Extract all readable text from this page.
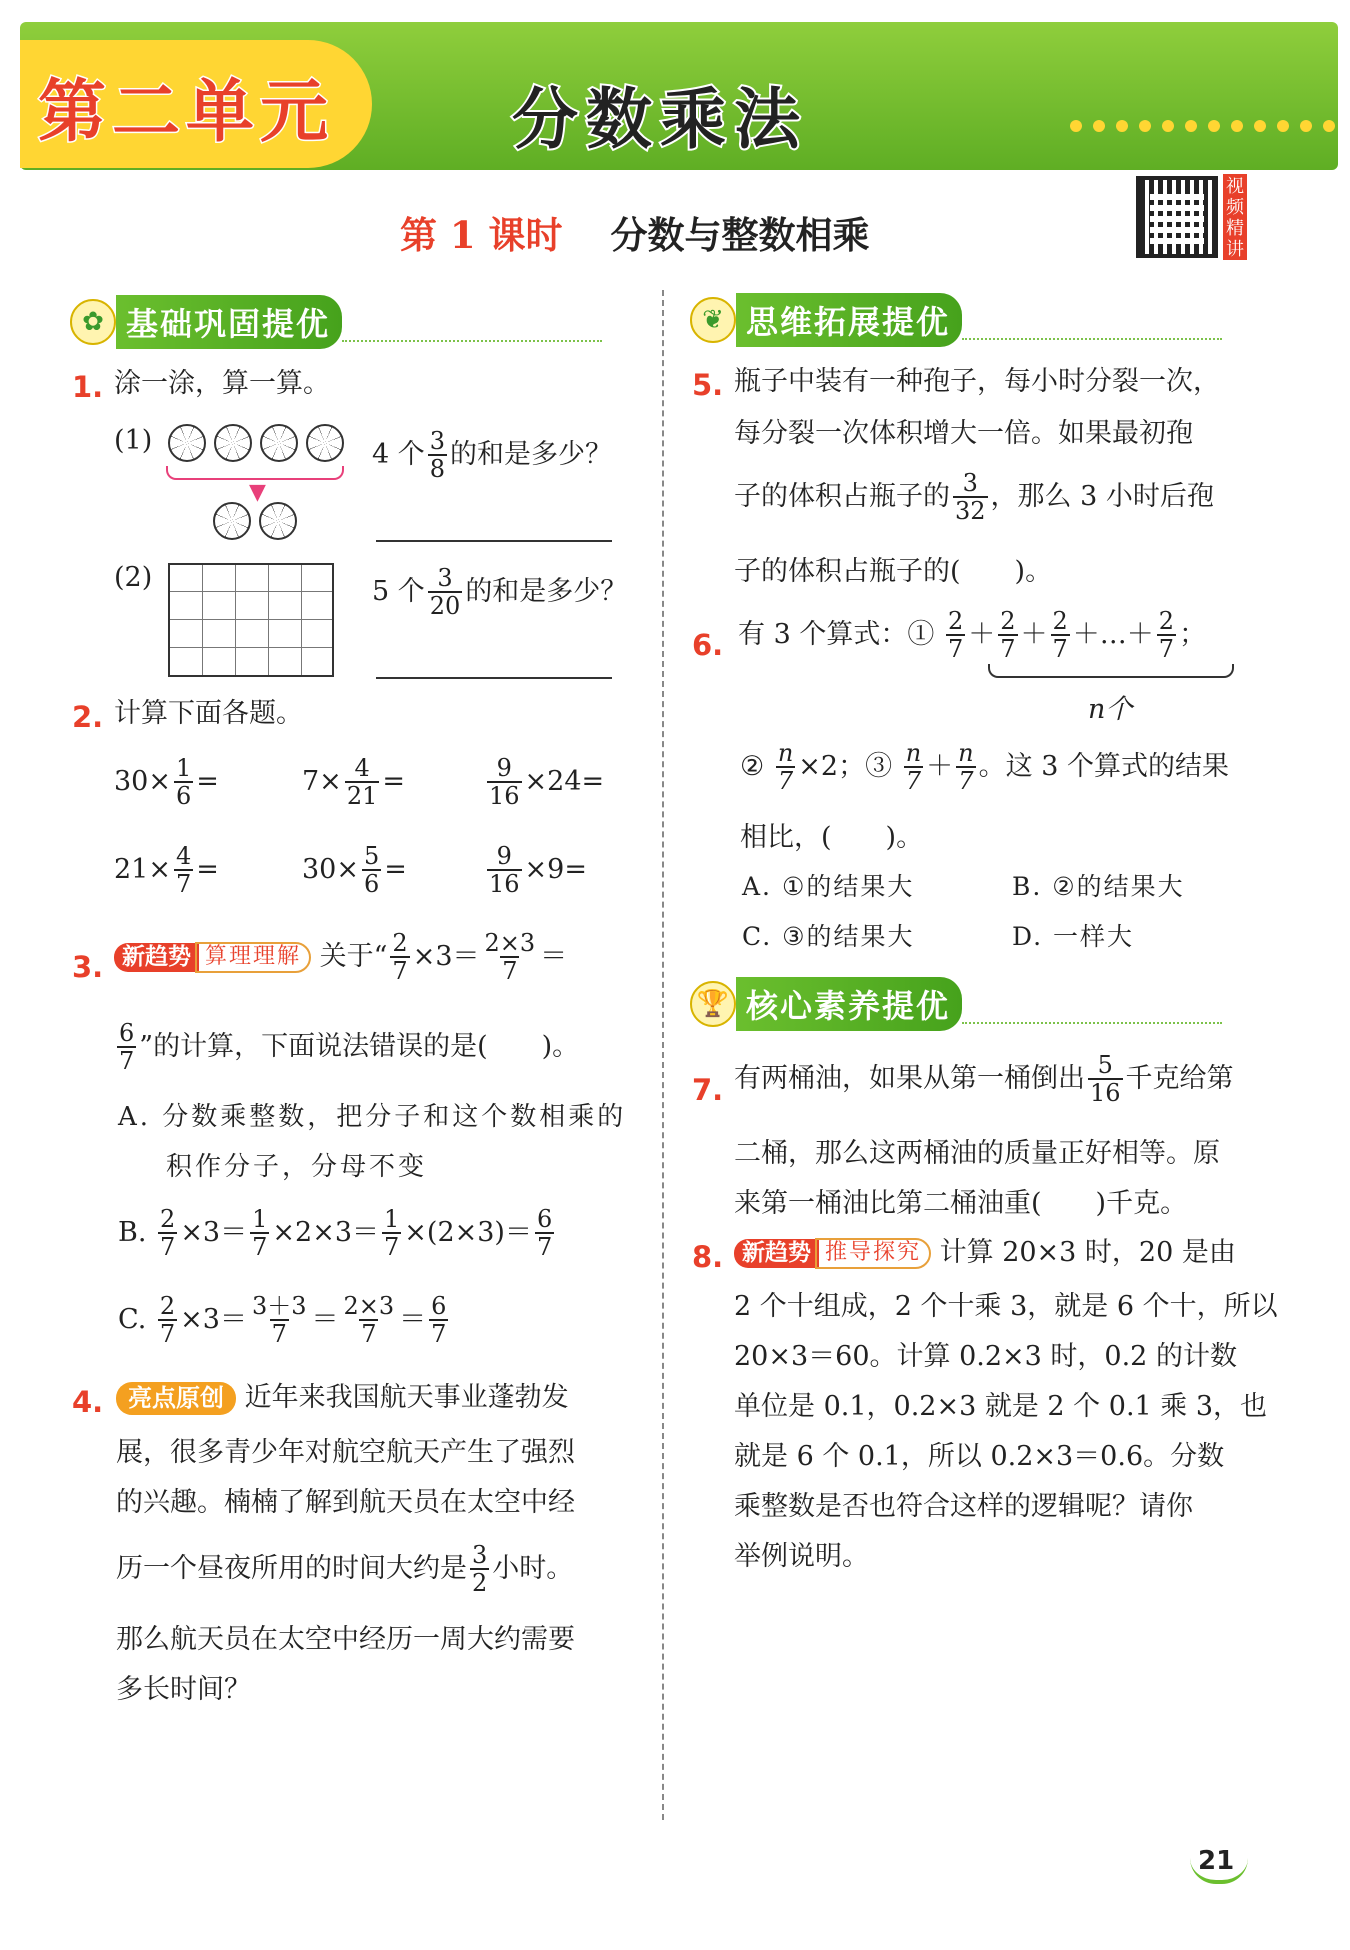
第二单元	分数乘法
第 1 课时 分数与整数相乘
视频精讲
✿ 基础巩固提优
1. 涂一涂，算一算。
(1)
▼
4 个 $\frac{3}{8}$ 的和是多少？
(2)	5 个 $\frac{3}{20}$ 的和是多少？
2. 计算下面各题。
$30\times \frac{1}{6}$ =	$7\times \frac{4}{21}$ =	$\frac{9}{16} \times 24=$
$21\times \frac{4}{7}$ =	$30\times \frac{5}{6}$ =	$\frac{9}{16} \times 9=$
3. 新趋势 算理理解 关于“ $\frac{2}{7} \times 3= \frac{2\times 3}{7}$ ＝
$\frac{6}{7}$ ”的计算，下面说法错误的是(　　)。
A. 分数乘整数，把分子和这个数相乘的
积作分子，分母不变
B. $\frac{2}{7} \times 3= \frac{1}{7} \times 2\times 3= \frac{1}{7} \times(2\times 3)= \frac{6}{7}$
C. $\frac{2}{7} \times 3= \frac{3+3}{7} = \frac{2\times 3}{7} = \frac{6}{7}$
4.	亮点原创 近年来我国航天事业蓬勃发
展，很多青少年对航空航天产生了强烈
的兴趣。楠楠了解到航天员在太空中经
历一个昼夜所用的时间大约是 $\frac{3}{2}$ 小时。
那么航天员在太空中经历一周大约需要
多长时间？
❦ 思维拓展提优
5. 瓶子中装有一种孢子，每小时分裂一次，
每分裂一次体积增大一倍。如果最初孢
子的体积占瓶子的 $\frac{3}{32}$ ，那么 3 小时后孢
子的体积占瓶子的(　　)。
6. 有 3 个算式：① $\frac{2}{7} + \frac{2}{7} + \frac{2}{7}$ ＋…＋ $\frac{2}{7}$ ；
n个
② $\frac{n}{7} \times 2$；③ $\frac{n}{7} + \frac{n}{7}$ 。这 3 个算式的结果
相比，(　　)。
A. ①的结果大	B. ②的结果大
C. ③的结果大	D. 一样大
🏆 核心素养提优
7. 有两桶油，如果从第一桶倒出 $\frac{5}{16}$ 千克给第
二桶，那么这两桶油的质量正好相等。原
来第一桶油比第二桶油重(　　)千克。
8. 新趋势 推导探究 计算 20×3 时，20 是由
2 个十组成，2 个十乘 3，就是 6 个十，所以
20×3＝60。计算 0.2×3 时，0.2 的计数
单位是 0.1，0.2×3 就是 2 个 0.1 乘 3，也
就是 6 个 0.1，所以 0.2×3＝0.6。分数
乘整数是否也符合这样的逻辑呢？请你
举例说明。
21
